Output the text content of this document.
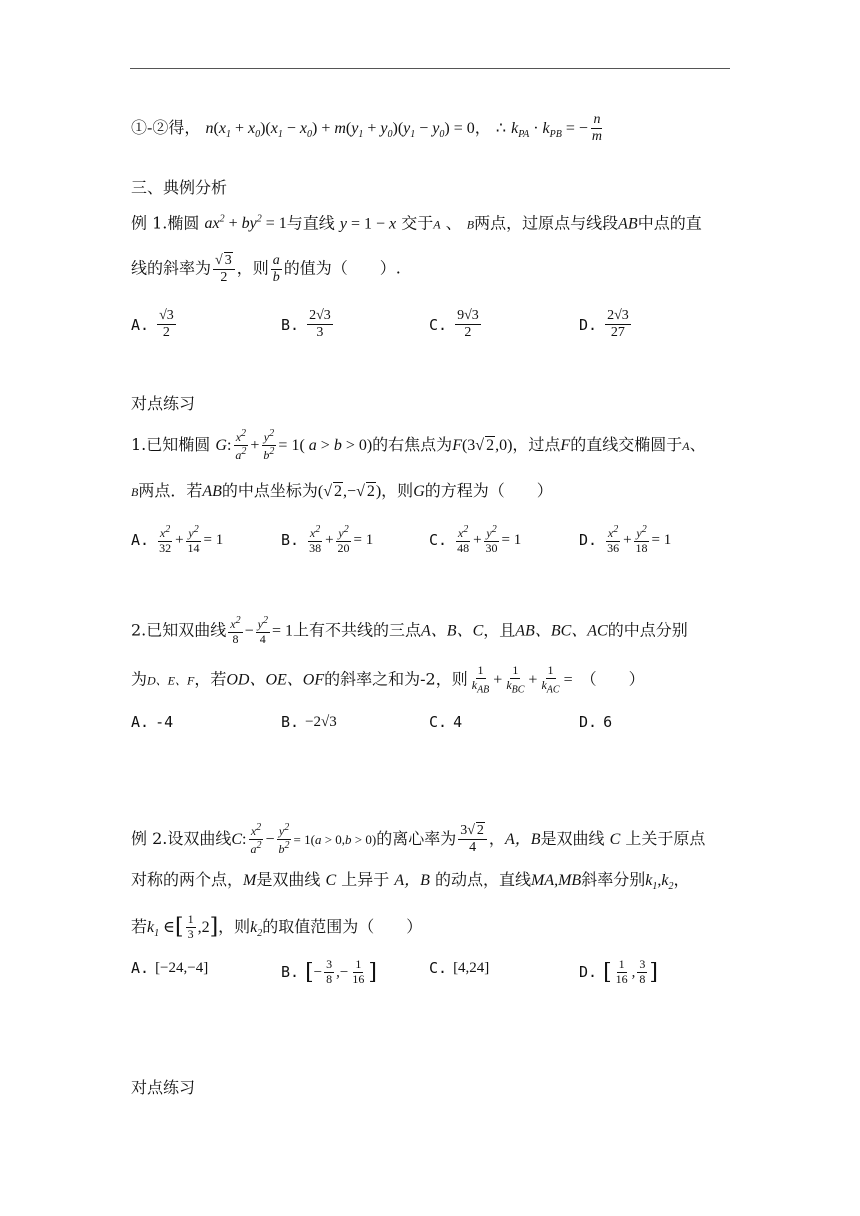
①-②得， $n(x_1 + x_0)(x_1 - x_0) + m(y_1 + y_0)(y_1 - y_0) = 0$， ∴ $k_{PA} \cdot k_{PB}$ = − $\frac{n}{m}$
三、典例分析
例 1.椭圆 $ax^2 + by^2 = 1$与直线 y = 1 − x 交于A 、 B两点，过原点与线段AB中点的直
线的斜率为 $\frac{√ 3}{2}$ ，则 $\frac{a}{b}$ 的值为（　　）.
A. $\frac{√3}{2}$	B. $\frac{2√3}{3}$	C. $\frac{9√3}{2}$	D. $\frac{2√3}{27}$
对点练习
1.已知椭圆 G: $\frac{x^2}{a^2} + \frac{y^2}{b^2} = 1$( a > b > 0)的右焦点为F(3√ 2,0)，过点F的直线交椭圆于A、
B两点．若AB的中点坐标为(√ 2,−√ 2)，则G的方程为（　　）
A. $\frac{x^2}{32} + \frac{y^2}{14} = 1$	B. $\frac{x^2}{38} + \frac{y^2}{20} = 1$	C. $\frac{x^2}{48} + \frac{y^2}{30} = 1$	D. $\frac{x^2}{36} + \frac{y^2}{18} = 1$
2.已知双曲线 $\frac{x^2}{8} - \frac{y^2}{4} = 1$上有不共线的三点A、B、C，且AB、BC、AC的中点分别
为D、E、F，若OD、OE、OF的斜率之和为-2，则 1
$k_{AB}$
+
1
$k_{BC}$
+
1
$k_{AC}$
=　 （　　）
A. -4	B. −2√3	C. 4	D. 6
例 2.设双曲线C: $\frac{x^2}{a^2} - \frac{y^2}{b^2} = 1(a > 0,b > 0)$的离心率为 $\frac{3√ 2}{4}$ ，A，B是双曲线 C 上关于原点
对称的两个点，M是双曲线 C 上异于 A，B 的动点，直线MA,MB斜率分别$k_1,k_2$，
若$k_1$ ∈[ $\frac{1}{3} ,2$]，则$k_2$的取值范围为（　　）
A. [−24,−4]	B. [− $\frac{3}{8}$ ,− $\frac{1}{16}$ ]	C. [4,24]	D. [ $\frac{1}{16}$ , $\frac{3}{8}$ ]
对点练习
